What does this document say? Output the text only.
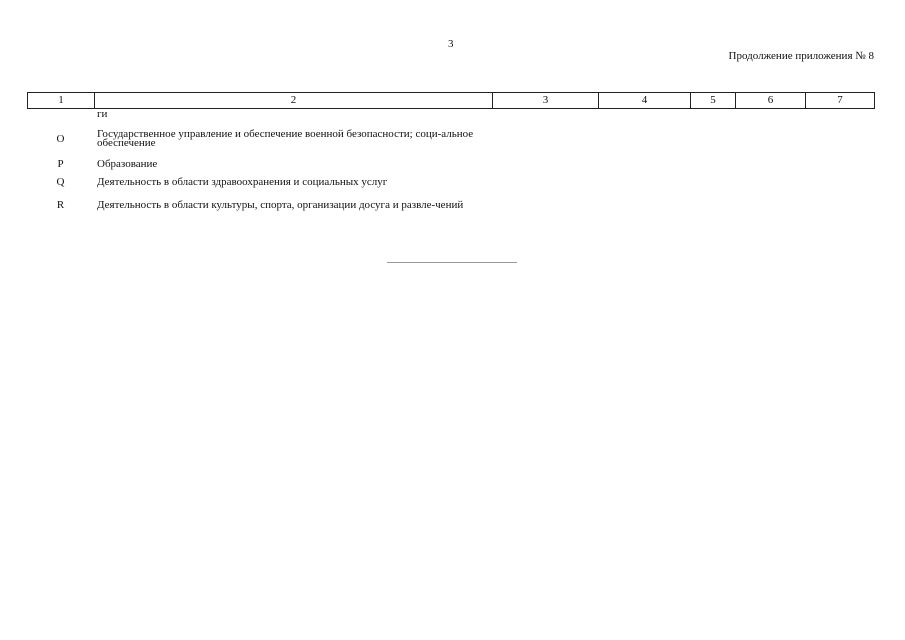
3
Продолжение приложения № 8
1	2	3	4	5	6	7
ги
O	Государственное управление и обеспечение военной безопасности; соци-альное обеспечение
P	Образование
Q	Деятельность в области здравоохранения и социальных услуг
R	Деятельность в области культуры, спорта, организации досуга и развле-чений
